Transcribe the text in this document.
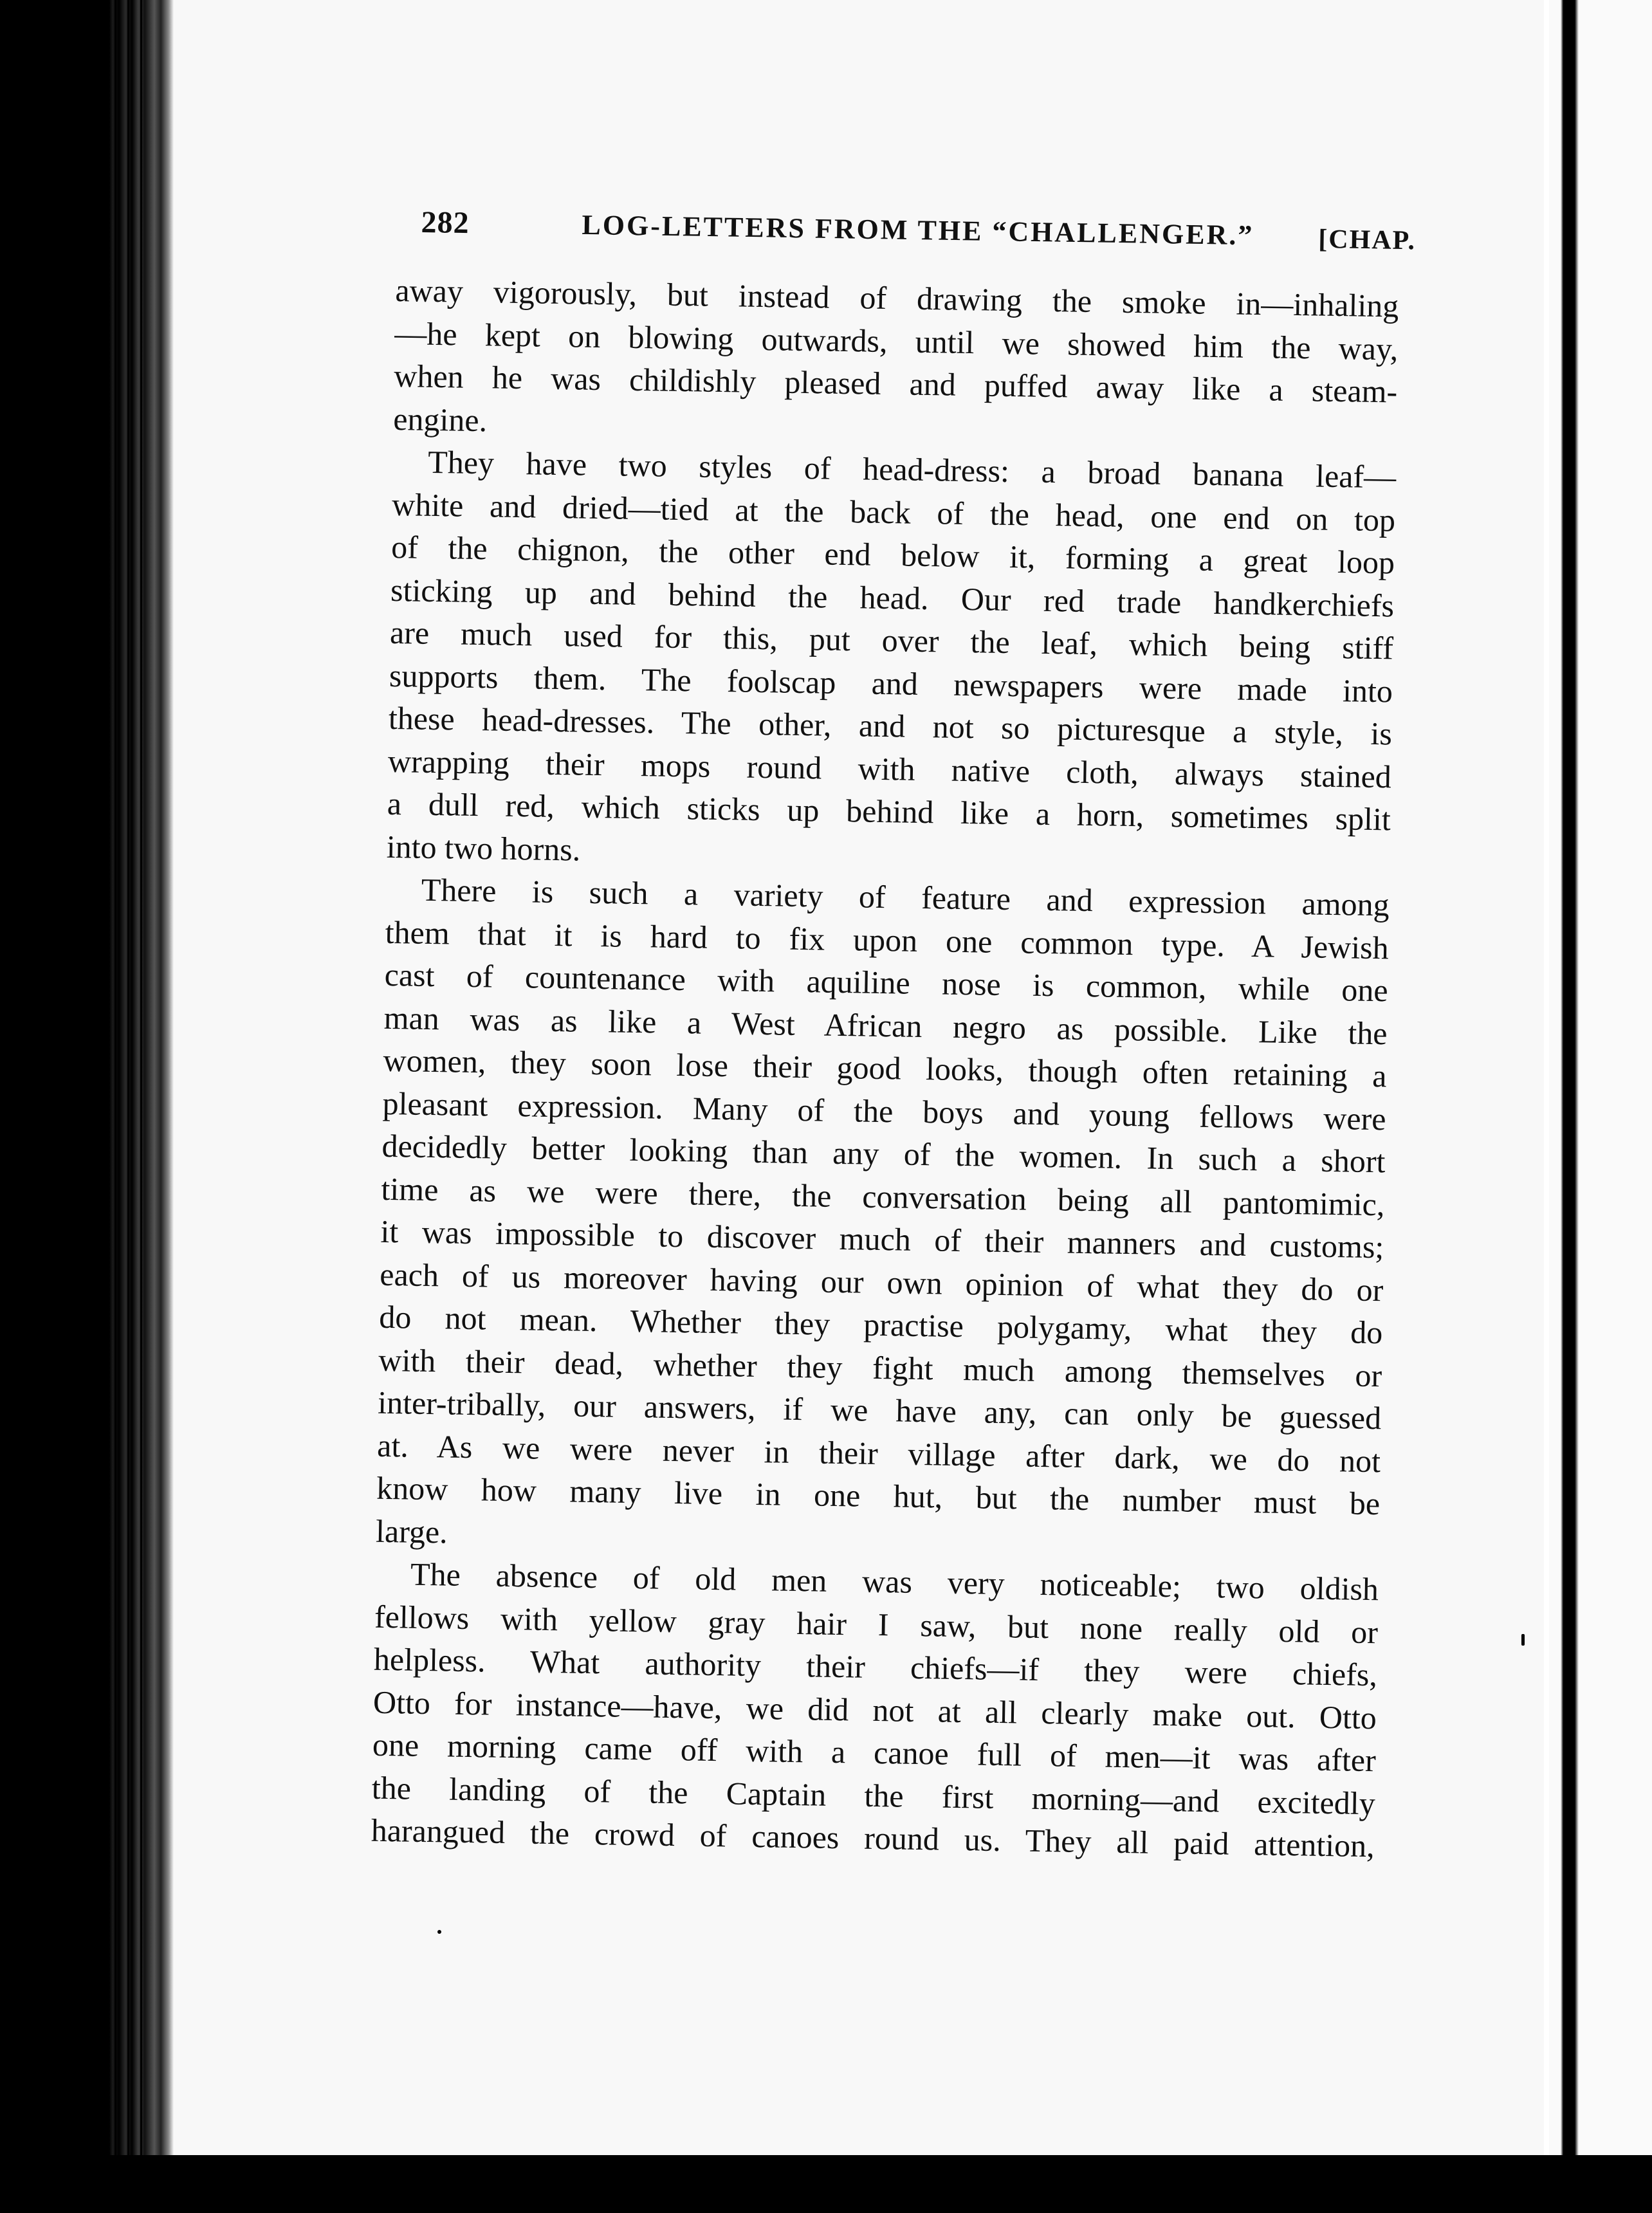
282	LOG-LETTERS FROM THE “CHALLENGER.” [CHAP.

away vigorously, but instead of drawing the smoke in—inhaling
—he kept on blowing outwards, until we showed him the way,
when he was childishly pleased and puffed away like a steam-
engine.

They have two styles of head-dress: a broad banana leaf—
white and dried—tied at the back of the head, one end on top
of the chignon, the other end below it, forming a great loop
sticking up and behind the head. Our red trade handkerchiefs
are much used for this, put over the leaf, which being stiff
supports them. The foolscap and newspapers were made into
these head-dresses. The other, and not so picturesque a style, is
wrapping their mops round with native cloth, always stained
a dull red, which sticks up behind like a horn, sometimes split
into two horns.

There is such a variety of feature and expression among
them that it is hard to fix upon one common type. A Jewish
cast of countenance with aquiline nose is common, while one
man was as like a West African negro as possible. Like the
women, they soon lose their good looks, though often retaining a
pleasant expression. Many of the boys and young fellows were
decidedly better looking than any of the women. In such a short
time as we were there, the conversation being all pantomimic,
it was impossible to discover much of their manners and customs;
each of us moreover having our own opinion of what they do or
do not mean. Whether they practise polygamy, what they do
with their dead, whether they fight much among themselves or
inter-tribally, our answers, if we have any, can only be guessed
at. As we were never in their village after dark, we do not
know how many live in one hut, but the number must be
large.

The absence of old men was very noticeable; two oldish
fellows with yellow gray hair I saw, but none really old or
helpless. What authority their chiefs—if they were chiefs,
Otto for instance—have, we did not at all clearly make out. Otto
one morning came off with a canoe full of men—it was after
the landing of the Captain the first morning—and excitedly
harangued the crowd of canoes round us. They all paid attention,
